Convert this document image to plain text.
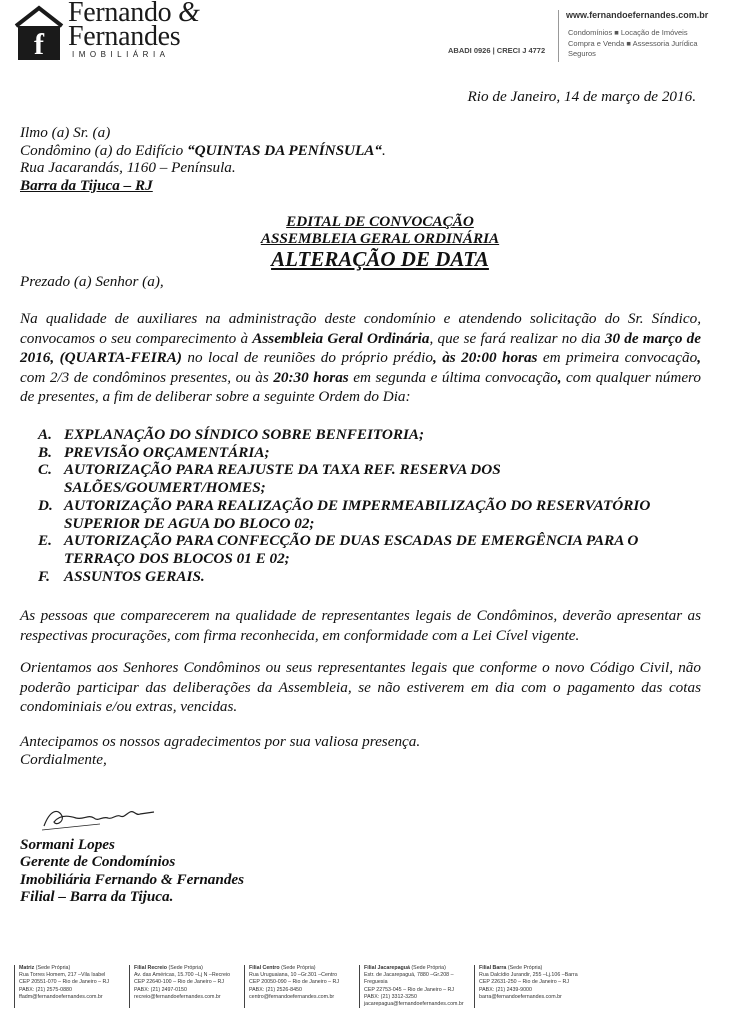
f
Fernando &
Fernandes
IMOBILIÁRIA	ABADI 0926 | CRECI J 4772
www.fernandoefernandes.com.br
Condomínios ■ Locação de Imóveis
Compra e Venda ■ Assessoria Jurídica
Seguros
Rio de Janeiro, 14 de março de 2016.
Ilmo (a) Sr. (a)
Condômino (a) do Edifício “QUINTAS DA PENÍNSULA“.
Rua Jacarandás, 1160 – Península.
Barra da Tijuca – RJ
EDITAL DE CONVOCAÇÃO
ASSEMBLEIA GERAL ORDINÁRIA
ALTERAÇÃO DE DATA
Prezado (a) Senhor (a),
Na qualidade de auxiliares na administração deste condomínio e atendendo solicitação do Sr. Síndico, convocamos o seu comparecimento à Assembleia Geral Ordinária, que se fará realizar no dia 30 de março de 2016, (QUARTA-FEIRA) no local de reuniões do próprio prédio, às 20:00 horas em primeira convocação, com 2/3 de condôminos presentes, ou às 20:30 horas em segunda e última convocação, com qualquer número de presentes, a fim de deliberar sobre a seguinte Ordem do Dia:
A. EXPLANAÇÃO DO SÍNDICO SOBRE BENFEITORIA;
B. PREVISÃO ORÇAMENTÁRIA;
C. AUTORIZAÇÃO PARA REAJUSTE DA TAXA REF. RESERVA DOS SALÕES/GOUMERT/HOMES;
D. AUTORIZAÇÃO PARA REALIZAÇÃO DE IMPERMEABILIZAÇÃO DO RESERVATÓRIO SUPERIOR DE AGUA DO BLOCO 02;
E. AUTORIZAÇÃO PARA CONFECÇÃO DE DUAS ESCADAS DE EMERGÊNCIA PARA O TERRAÇO DOS BLOCOS 01 E 02;
F. ASSUNTOS GERAIS.
As pessoas que comparecerem na qualidade de representantes legais de Condôminos, deverão apresentar as respectivas procurações, com firma reconhecida, em conformidade com a Lei Cível vigente.
Orientamos aos Senhores Condôminos ou seus representantes legais que conforme o novo Código Civil, não poderão participar das deliberações da Assembleia, se não estiverem em dia com o pagamento das cotas condominiais e/ou extras, vencidas.
Antecipamos os nossos agradecimentos por sua valiosa presença.
Cordialmente,
Sormani Lopes
Gerente de Condomínios
Imobiliária Fernando & Fernandes
Filial – Barra da Tijuca.
Matriz (Sede Própria)
Rua Torres Homem, 217 –Vila Isabel
CEP 20551-070 – Rio de Janeiro – RJ
PABX: (21) 2575-0880
ffadm@fernandoefernandes.com.br
Filial Recreio (Sede Própria)
Av. das Américas, 15.700 –Lj N –Recreio
CEP 22640-100 – Rio de Janeiro – RJ
PABX: (21) 2497-0150
recreio@fernandoefernandes.com.br
Filial Centro (Sede Própria)
Rua Uruguaiana, 10 –Gr.301 –Centro
CEP 20050-090 – Rio de Janeiro – RJ
PABX: (21) 2526-8450
centro@fernandoefernandes.com.br
Filial Jacarepaguá (Sede Própria)
Estr. de Jacarepaguá, 7880 –Gr.208 –Freguesia
CEP 22753-045 – Rio de Janeiro – RJ
PABX: (21) 3312-3250
jacarepagua@fernandoefernandes.com.br
Filial Barra (Sede Própria)
Rua Dalcídio Jurandir, 255 –Lj.106 –Barra
CEP 22631-250 – Rio de Janeiro – RJ
PABX: (21) 2439-9000
barra@fernandoefernandes.com.br
